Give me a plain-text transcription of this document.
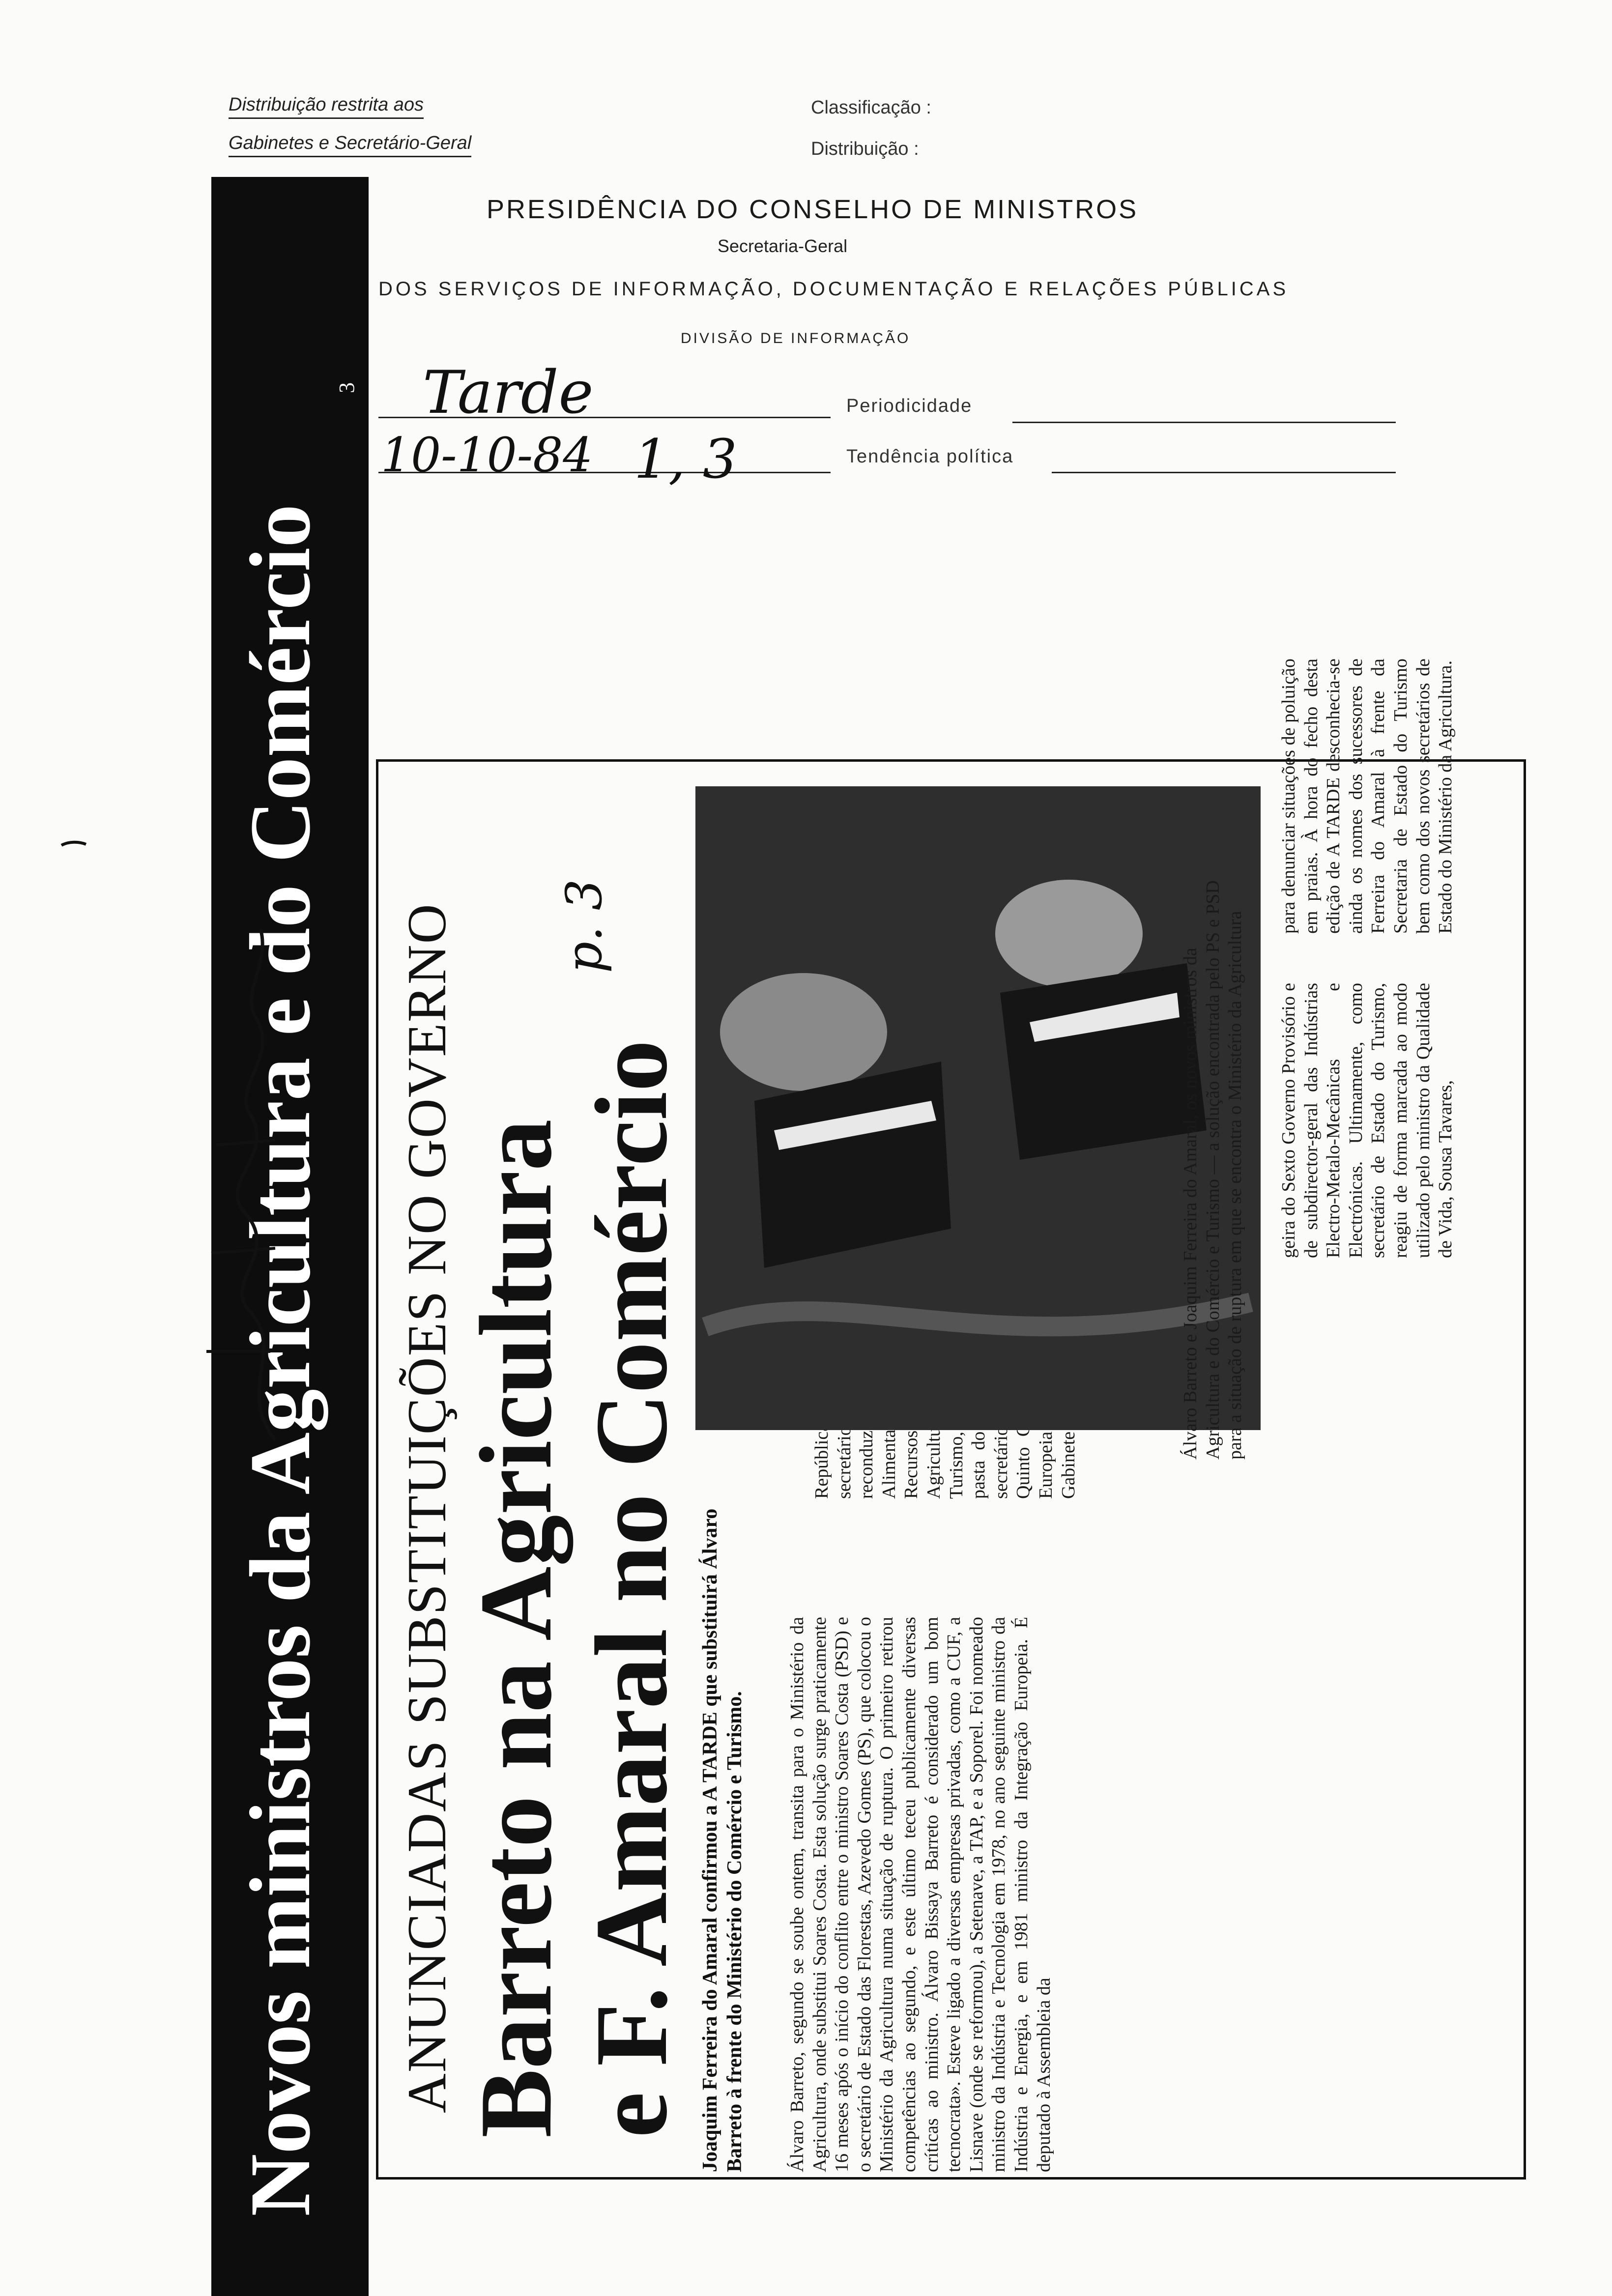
Distribuição restrita aos
Gabinetes e Secretário-Geral
Classificação :
Distribuição :
PRESIDÊNCIA DO CONSELHO DE MINISTROS
Secretaria-Geral
DOS SERVIÇOS DE INFORMAÇÃO, DOCUMENTAÇÃO E RELAÇÕES PÚBLICAS
DIVISÃO DE INFORMAÇÃO
Tarde	Periodicidade
10-10-84 1, 3	Tendência política
Novos ministros da Agricultura e do Comércio
3
ANUNCIADAS SUBSTITUIÇÕES NO GOVERNO Barreto na Agricultura e F. Amaral no Comércio
p. 3
Joaquim Ferreira do Amaral confirmou a A TARDE que substituirá Álvaro Barreto à frente do Ministério do Comércio e Turismo. Álvaro Barreto, segundo se soube ontem, transita para o Ministério da Agricultura, onde substitui Soares Costa. Esta solução surge praticamente 16 meses após o início do conflito entre o ministro Soares Costa (PSD) e o secretário de Estado das Florestas, Azevedo Gomes (PS), que colocou o Ministério da Agricultura numa situação de ruptura. O primeiro retirou competências ao segundo, e este último teceu publicamente diversas críticas ao ministro. Álvaro Bissaya Barreto é considerado um bom tecnocrata». Esteve ligado a diversas empresas privadas, como a CUF, a Lisnave (onde se reformou), a Setenave, a TAP, e a Soporel. Foi nomeado ministro da Indústria e Tecnologia em 1978, no ano seguinte ministro da Indústria e Energia, e em 1981 ministro da Integração Europeia. É deputado à Assembleia da
Álvaro Barreto e Joaquim Ferreira do Amaral, os novos ministros da Agricultura e do Comércio e Turismo — a solução encontrada pelo PS e PSD para a situação de ruptura em que se encontra o Ministério da Agricultura geira do Sexto Governo Provisório e de subdirector-geral das Indústrias Electro-Metalo-Mecânicas e Electrónicas. Ultimamente, como secretário de Estado do Turismo, reagiu de forma marcada ao modo utilizado pelo ministro da Qualidade de Vida, Sousa Tavares,
para denunciar situações de poluição em praias. À hora do fecho desta edição de A TARDE desconhecia-se ainda os nomes dos sucessores de Ferreira do Amaral à frente da Secretaria de Estado do Turismo bem como dos novos secretários de Estado do Ministério da Agricultura.
